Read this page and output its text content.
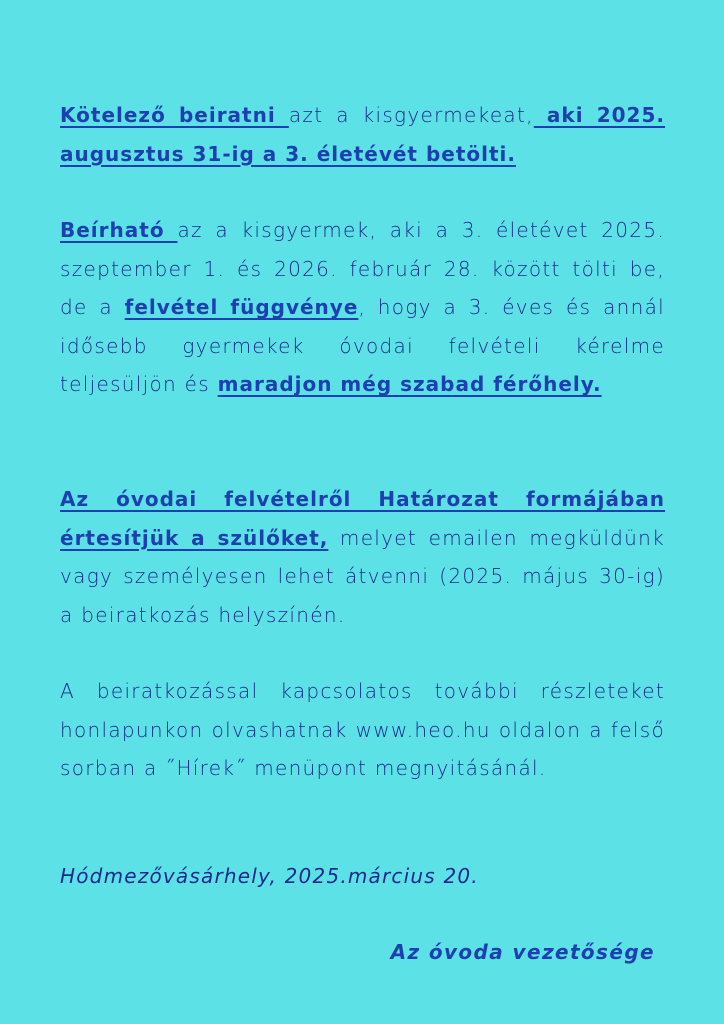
Kötelező beiratni azt a kisgyermekeat, aki 2025. augusztus 31-ig a 3. életévét betölti.

Beírható az a kisgyermek, aki a 3. életévet 2025. szeptember 1. és 2026. február 28. között tölti be, de a felvétel függvénye, hogy a 3. éves és annál idősebb gyermekek óvodai felvételi kérelme teljesüljön és maradjon még szabad férőhely.

Az óvodai felvételről Határozat formájában értesítjük a szülőket, melyet emailen megküldünk vagy személyesen lehet átvenni (2025. május 30-ig) a beiratkozás helyszínén.

A beiratkozással kapcsolatos további részleteket honlapunkon olvashatnak www.heo.hu oldalon a felső sorban a ˝Hírek˝ menüpont megnyitásánál.

Hódmezővásárhely, 2025.március 20.

Az óvoda vezetősége
